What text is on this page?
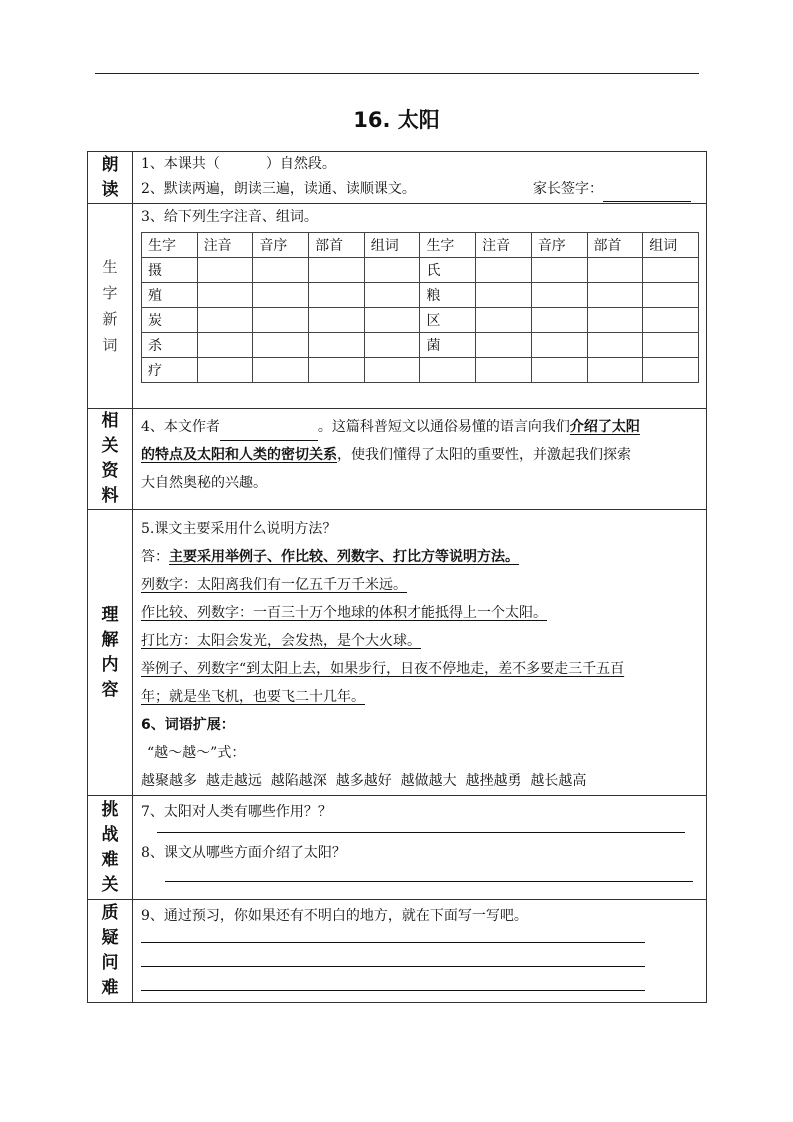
16. 太阳
朗
读

1、本课共（	）自然段。
2、默读两遍，朗读三遍，读通、读顺课文。	家长签字：

生
字
新
词

3、给下列生字注音、组词。
生字	注音	音序	部首	组词	生字	注音	音序	部首	组词
摄					氏				
殖					粮				
炭					区				
杀					菌				
疗									

相
关
资
料

4、本文作者	。这篇科普短文以通俗易懂的语言向我们介绍了太阳
的特点及太阳和人类的密切关系，使我们懂得了太阳的重要性，并激起我们探索
大自然奥秘的兴趣。

理
解
内
容

5.课文主要采用什么说明方法？
答：主要采用举例子、作比较、列数字、打比方等说明方法。
列数字：太阳离我们有一亿五千万千米远。
作比较、列数字：一百三十万个地球的体积才能抵得上一个太阳。
打比方：太阳会发光，会发热，是个大火球。
举例子、列数字“到太阳上去，如果步行，日夜不停地走，差不多要走三千五百
年；就是坐飞机，也要飞二十几年。
6、词语扩展：
“越～越～”式：
越聚越多  越走越远  越陷越深  越多越好  越做越大  越挫越勇  越长越高

挑
战
难
关

7、太阳对人类有哪些作用？？
8、课文从哪些方面介绍了太阳？

质
疑
问
难

9、通过预习，你如果还有不明白的地方，就在下面写一写吧。
